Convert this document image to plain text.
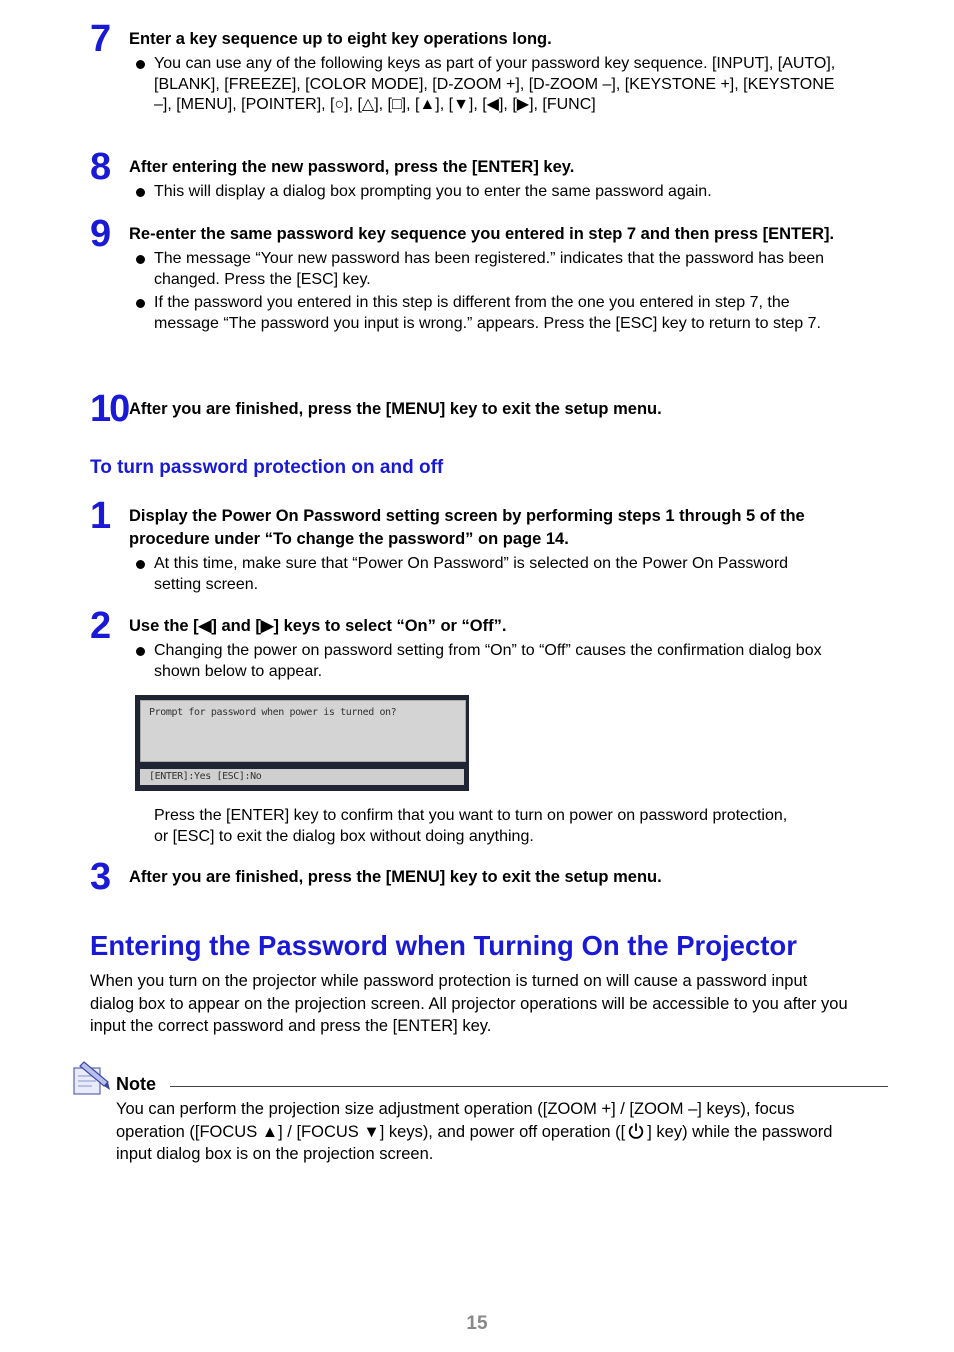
7 Enter a key sequence up to eight key operations long.
You can use any of the following keys as part of your password key sequence. [INPUT], [AUTO], [BLANK], [FREEZE], [COLOR MODE], [D-ZOOM +], [D-ZOOM –], [KEYSTONE +], [KEYSTONE –], [MENU], [POINTER], [○], [△], [□], [▲], [▼], [◀], [▶], [FUNC]
8 After entering the new password, press the [ENTER] key.
This will display a dialog box prompting you to enter the same password again.
9 Re-enter the same password key sequence you entered in step 7 and then press [ENTER].
The message “Your new password has been registered.” indicates that the password has been changed. Press the [ESC] key.
If the password you entered in this step is different from the one you entered in step 7, the message “The password you input is wrong.” appears. Press the [ESC] key to return to step 7.
10 After you are finished, press the [MENU] key to exit the setup menu.
To turn password protection on and off
1 Display the Power On Password setting screen by performing steps 1 through 5 of the procedure under “To change the password” on page 14.
At this time, make sure that “Power On Password” is selected on the Power On Password setting screen.
2 Use the [◀] and [▶] keys to select “On” or “Off”.
Changing the power on password setting from “On” to “Off” causes the confirmation dialog box shown below to appear.
Prompt for password when power is turned on?
[ENTER]:Yes [ESC]:No
Press the [ENTER] key to confirm that you want to turn on power on password protection, or [ESC] to exit the dialog box without doing anything.
3 After you are finished, press the [MENU] key to exit the setup menu.
Entering the Password when Turning On the Projector
When you turn on the projector while password protection is turned on will cause a password input dialog box to appear on the projection screen. All projector operations will be accessible to you after you input the correct password and press the [ENTER] key.
Note
You can perform the projection size adjustment operation ([ZOOM +] / [ZOOM –] keys), focus operation ([FOCUS ▲] / [FOCUS ▼] keys), and power off operation ([ ] key) while the password input dialog box is on the projection screen.
15
